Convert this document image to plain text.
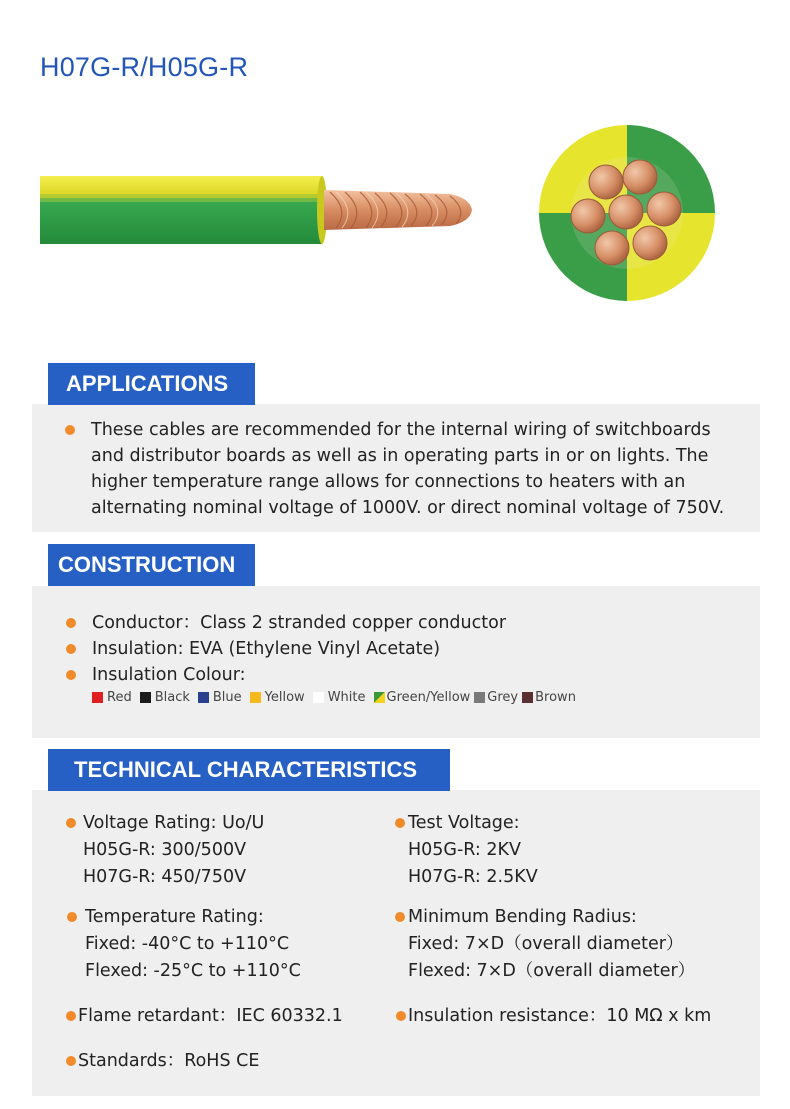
H07G-R/H05G-R
APPLICATIONS
These cables are recommended for the internal wiring of switchboards
and distributor boards as well as in operating parts in or on lights. The
higher temperature range allows for connections to heaters with an
alternating nominal voltage of 1000V. or direct nominal voltage of 750V.
CONSTRUCTION
Conductor：Class 2 stranded copper conductor
Insulation: EVA (Ethylene Vinyl Acetate)
Insulation Colour:
Red Black Blue Yellow White Green/Yellow Grey Brown
TECHNICAL CHARACTERISTICS
Voltage Rating: Uo/U
H05G-R: 300/500V
H07G-R: 450/750V
Test Voltage:
H05G-R: 2KV
H07G-R: 2.5KV
Temperature Rating:
Fixed: -40°C to +110°C
Flexed: -25°C to +110°C
Minimum Bending Radius:
Fixed: 7×D（overall diameter）
Flexed: 7×D（overall diameter）
Flame retardant：IEC 60332.1	Insulation resistance：10 MΩ x km
Standards：RoHS CE
